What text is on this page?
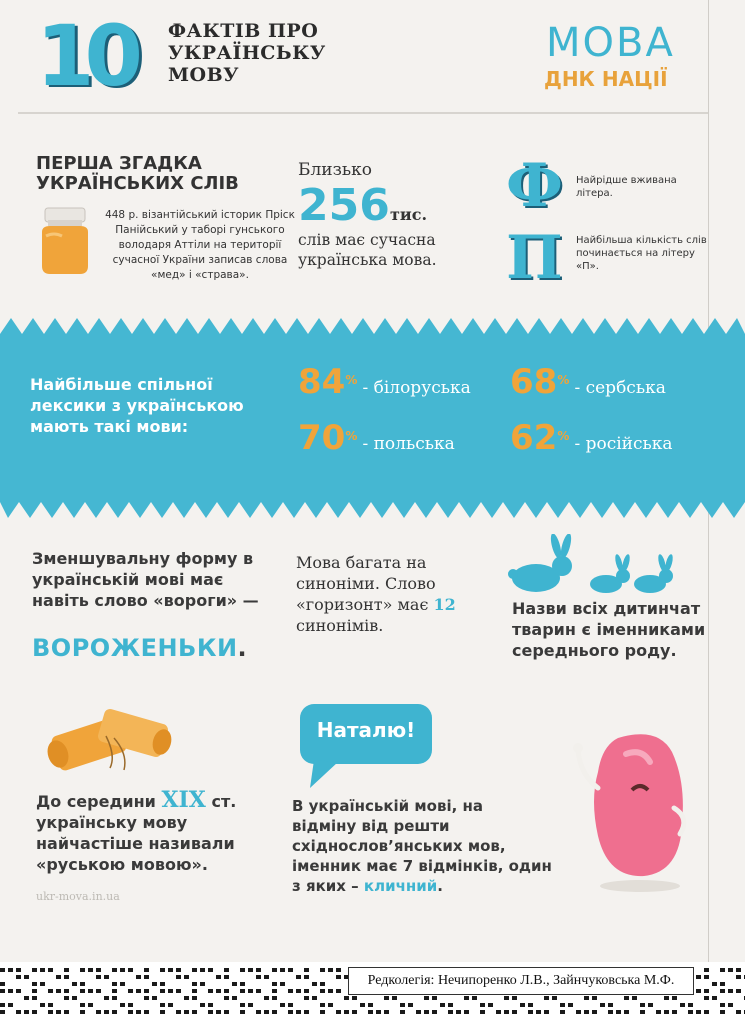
10 ФАКТІВ ПРО УКРАЇНСЬКУ МОВУ
МОВА
ДНК НАЦІЇ
ПЕРША ЗГАДКА УКРАЇНСЬКИХ СЛІВ
448 р. візантійський історик Пріск Панійський у таборі гунського володаря Аттіли на території сучасної України записав слова «мед» і «страва».
Близько
256 тис.
слів має сучасна українська мова.
Ф Найрідше вживана літера.
П Найбільша кількість слів починається на літеру «П».
Найбільше спільної лексики з українською мають такі мови:
84% - білоруська 68% - сербська
70% - польська 62% - російська
Зменшувальну форму в українській мові має навіть слово «вороги» —
ВОРОЖЕНЬКИ.
Мова багата на синоніми. Слово «горизонт» має 12 синонімів.
Назви всіх дитинчат тварин є іменниками середнього роду.
До середини XIX ст. українську мову найчастіше називали «руською мовою».
Наталю!
В українській мові, на відміну від решти східнослов’янських мов, іменник має 7 відмінків, один з яких – кличний.
ukr-mova.in.ua
Редколегія: Нечипоренко Л.В., Зайнчуковська М.Ф.
